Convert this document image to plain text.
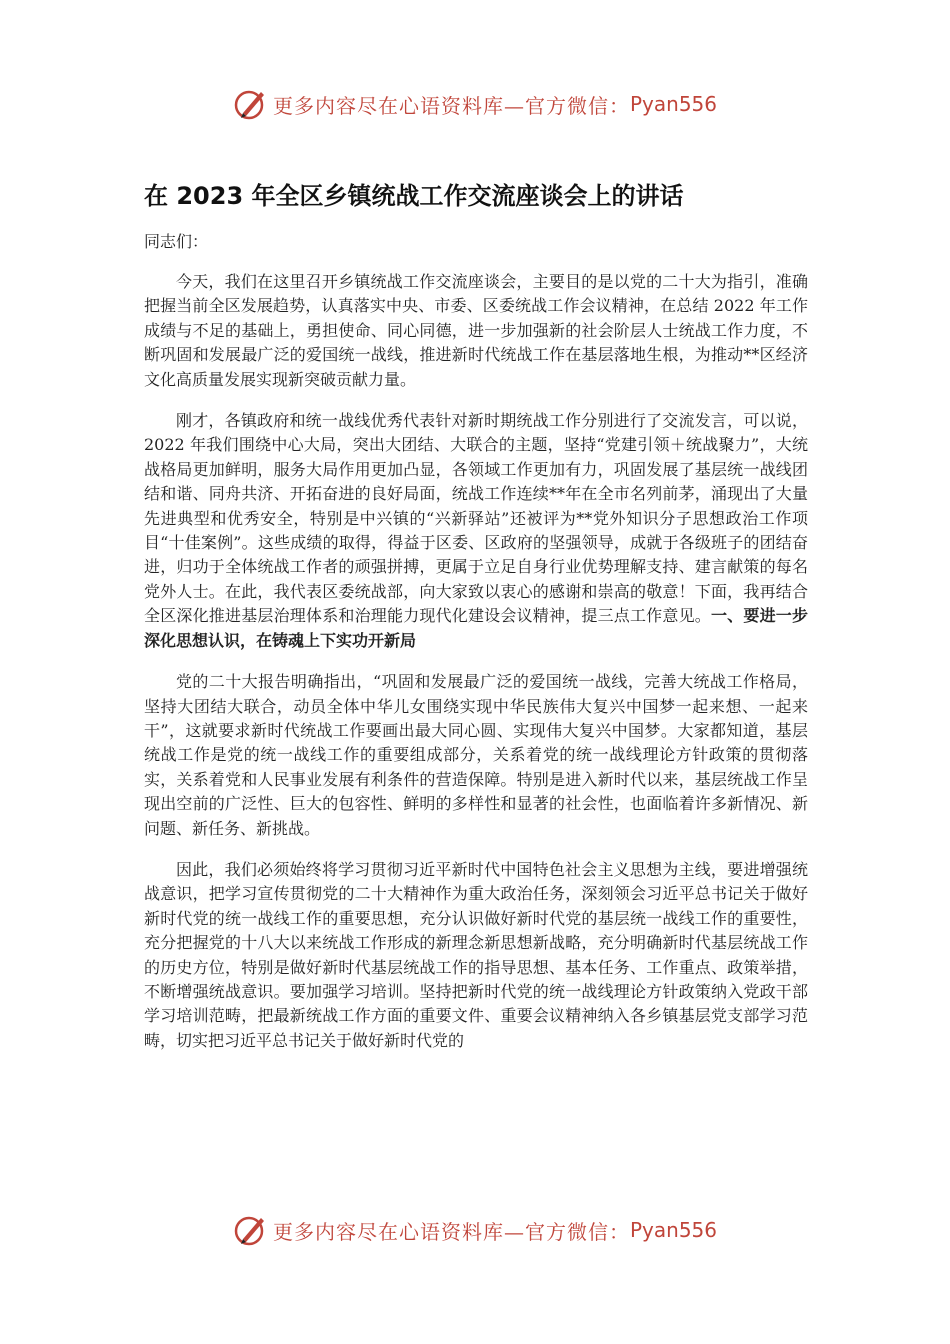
更多内容尽在心语资料库—官方微信： Pyan556
在 2023 年全区乡镇统战工作交流座谈会上的讲话
同志们：

今天，我们在这里召开乡镇统战工作交流座谈会，主要目的是以党的二十大为指引，准确把握当前全区发展趋势，认真落实中央、市委、区委统战工作会议精神，在总结 2022 年工作成绩与不足的基础上，勇担使命、同心同德，进一步加强新的社会阶层人士统战工作力度，不断巩固和发展最广泛的爱国统一战线，推进新时代统战工作在基层落地生根，为推动**区经济文化高质量发展实现新突破贡献力量。

刚才，各镇政府和统一战线优秀代表针对新时期统战工作分别进行了交流发言，可以说，2022 年我们围绕中心大局，突出大团结、大联合的主题，坚持“党建引领＋统战聚力”，大统战格局更加鲜明，服务大局作用更加凸显，各领域工作更加有力，巩固发展了基层统一战线团结和谐、同舟共济、开拓奋进的良好局面，统战工作连续**年在全市名列前茅，涌现出了大量先进典型和优秀安全，特别是中兴镇的“兴新驿站”还被评为**党外知识分子思想政治工作项目“十佳案例”。这些成绩的取得，得益于区委、区政府的坚强领导，成就于各级班子的团结奋进，归功于全体统战工作者的顽强拼搏，更属于立足自身行业优势理解支持、建言献策的每名党外人士。在此，我代表区委统战部，向大家致以衷心的感谢和崇高的敬意！下面，我再结合全区深化推进基层治理体系和治理能力现代化建设会议精神，提三点工作意见。一、要进一步深化思想认识，在铸魂上下实功开新局

党的二十大报告明确指出，“巩固和发展最广泛的爱国统一战线，完善大统战工作格局，坚持大团结大联合，动员全体中华儿女围绕实现中华民族伟大复兴中国梦一起来想、一起来干”，这就要求新时代统战工作要画出最大同心圆、实现伟大复兴中国梦。大家都知道，基层统战工作是党的统一战线工作的重要组成部分，关系着党的统一战线理论方针政策的贯彻落实，关系着党和人民事业发展有利条件的营造保障。特别是进入新时代以来，基层统战工作呈现出空前的广泛性、巨大的包容性、鲜明的多样性和显著的社会性，也面临着许多新情况、新问题、新任务、新挑战。

因此，我们必须始终将学习贯彻习近平新时代中国特色社会主义思想为主线，要进增强统战意识，把学习宣传贯彻党的二十大精神作为重大政治任务，深刻领会习近平总书记关于做好新时代党的统一战线工作的重要思想，充分认识做好新时代党的基层统一战线工作的重要性，充分把握党的十八大以来统战工作形成的新理念新思想新战略，充分明确新时代基层统战工作的历史方位，特别是做好新时代基层统战工作的指导思想、基本任务、工作重点、政策举措，不断增强统战意识。要加强学习培训。坚持把新时代党的统一战线理论方针政策纳入党政干部学习培训范畴，把最新统战工作方面的重要文件、重要会议精神纳入各乡镇基层党支部学习范畴，切实把习近平总书记关于做好新时代党的

更多内容尽在心语资料库—官方微信： Pyan556
